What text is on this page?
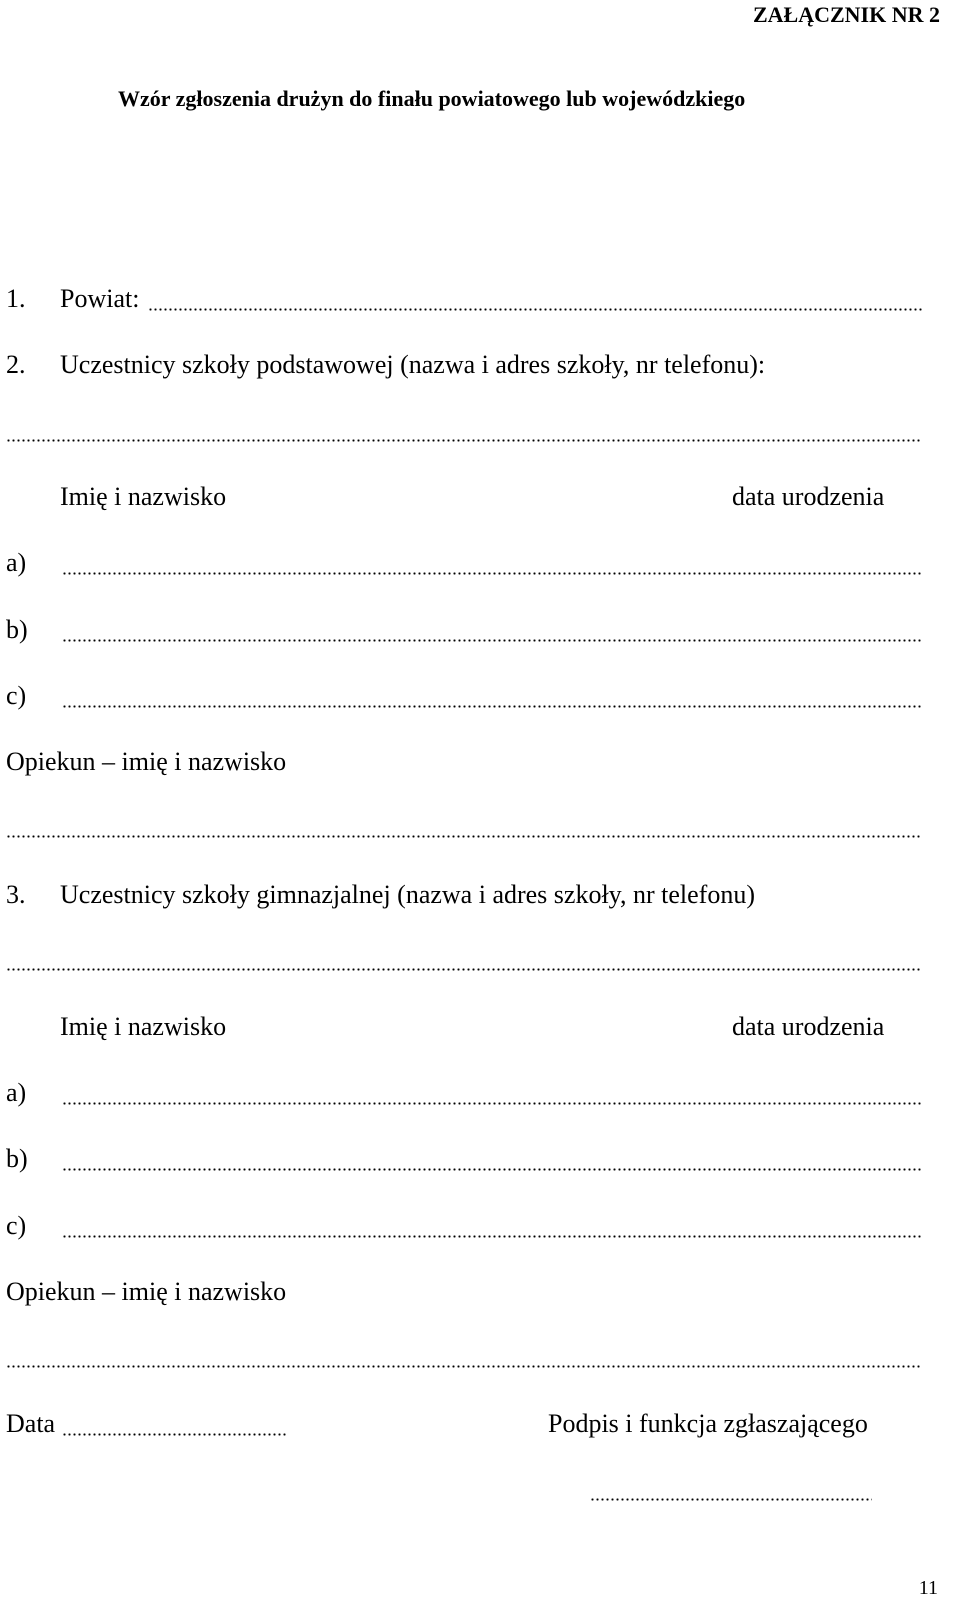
ZAŁĄCZNIK NR 2
Wzór zgłoszenia drużyn do finału powiatowego lub wojewódzkiego
1. Powiat:
2. Uczestnicy szkoły podstawowej (nazwa i adres szkoły, nr telefonu):
Imię i nazwisko	data urodzenia
a)
b)
c)
Opiekun – imię i nazwisko
3. Uczestnicy szkoły gimnazjalnej (nazwa i adres szkoły, nr telefonu)
Imię i nazwisko	data urodzenia
a)
b)
c)
Opiekun – imię i nazwisko
Data	Podpis i funkcja zgłaszającego
11
